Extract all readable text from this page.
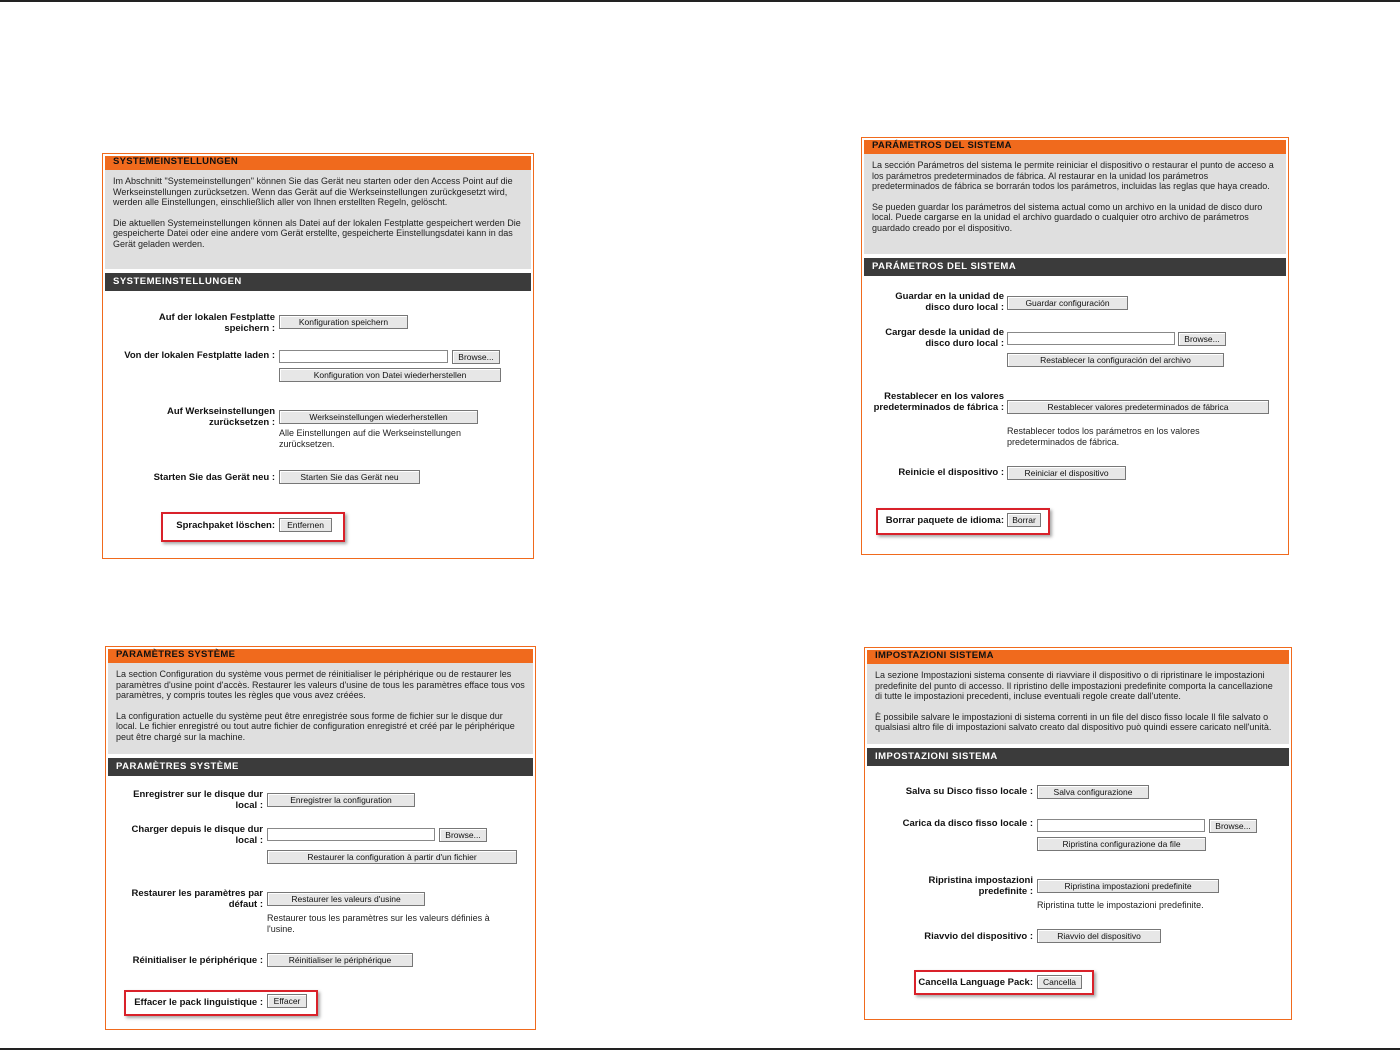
SYSTEMEINSTELLUNGEN

Im Abschnitt "Systemeinstellungen" können Sie das Gerät neu starten oder den Access Point auf die Werkseinstellungen zurücksetzen. Wenn das Gerät auf die Werkseinstellungen zurückgesetzt wird, werden alle Einstellungen, einschließlich aller von Ihnen erstellten Regeln, gelöscht.

Die aktuellen Systemeinstellungen können als Datei auf der lokalen Festplatte gespeichert werden Die gespeicherte Datei oder eine andere vom Gerät erstellte, gespeicherte Einstellungsdatei kann in das Gerät geladen werden.

SYSTEMEINSTELLUNGEN
Auf der lokalen Festplatte speichern :
Konfiguration speichern
Von der lokalen Festplatte laden :	Browse...
Konfiguration von Datei wiederherstellen
Auf Werkseinstellungen zurücksetzen :	Werkseinstellungen wiederherstellen
Alle Einstellungen auf die Werkseinstellungen zurücksetzen.
Starten Sie das Gerät neu :	Starten Sie das Gerät neu
Sprachpaket löschen:	Entfernen
PARÁMETROS DEL SISTEMA

La sección Parámetros del sistema le permite reiniciar el dispositivo o restaurar el punto de acceso a los parámetros predeterminados de fábrica. Al restaurar en la unidad los parámetros predeterminados de fábrica se borrarán todos los parámetros, incluidas las reglas que haya creado.

Se pueden guardar los parámetros del sistema actual como un archivo en la unidad de disco duro local. Puede cargarse en la unidad el archivo guardado o cualquier otro archivo de parámetros guardado creado por el dispositivo.

PARÁMETROS DEL SISTEMA
Guardar en la unidad de disco duro local :	Guardar configuración
Cargar desde la unidad de disco duro local :	Browse...
Restablecer la configuración del archivo
Restablecer en los valores predeterminados de fábrica :	Restablecer valores predeterminados de fábrica
Restablecer todos los parámetros en los valores predeterminados de fábrica.
Reinicie el dispositivo :	Reiniciar el dispositivo
Borrar paquete de idioma: Borrar
PARAMÈTRES SYSTÈME

La section Configuration du système vous permet de réinitialiser le périphérique ou de restaurer les paramètres d'usine point d'accès. Restaurer les valeurs d'usine de tous les paramètres efface tous vos paramètres, y compris toutes les règles que vous avez créées.

La configuration actuelle du système peut être enregistrée sous forme de fichier sur le disque dur local. Le fichier enregistré ou tout autre fichier de configuration enregistré et créé par le périphérique peut être chargé sur la machine.

PARAMÈTRES SYSTÈME
Enregistrer sur le disque dur local :	Enregistrer la configuration
Charger depuis le disque dur local :	Browse...
Restaurer la configuration à partir d'un fichier
Restaurer les paramètres par défaut :	Restaurer les valeurs d'usine
Restaurer tous les paramètres sur les valeurs définies à l'usine.
Réinitialiser le périphérique :	Réinitialiser le périphérique
Effacer le pack linguistique :	Effacer
IMPOSTAZIONI SISTEMA

La sezione Impostazioni sistema consente di riavviare il dispositivo o di ripristinare le impostazioni predefinite del punto di accesso. Il ripristino delle impostazioni predefinite comporta la cancellazione di tutte le impostazioni precedenti, incluse eventuali regole create dall'utente.

È possibile salvare le impostazioni di sistema correnti in un file del disco fisso locale Il file salvato o qualsiasi altro file di impostazioni salvato creato dal dispositivo può quindi essere caricato nell'unità.

IMPOSTAZIONI SISTEMA
Salva su Disco fisso locale :	Salva configurazione
Carica da disco fisso locale :	Browse...
Ripristina configurazione da file
Ripristina impostazioni predefinite :	Ripristina impostazioni predefinite
Ripristina tutte le impostazioni predefinite.
Riavvio del dispositivo :	Riavvio del dispositivo
Cancella Language Pack:	Cancella
